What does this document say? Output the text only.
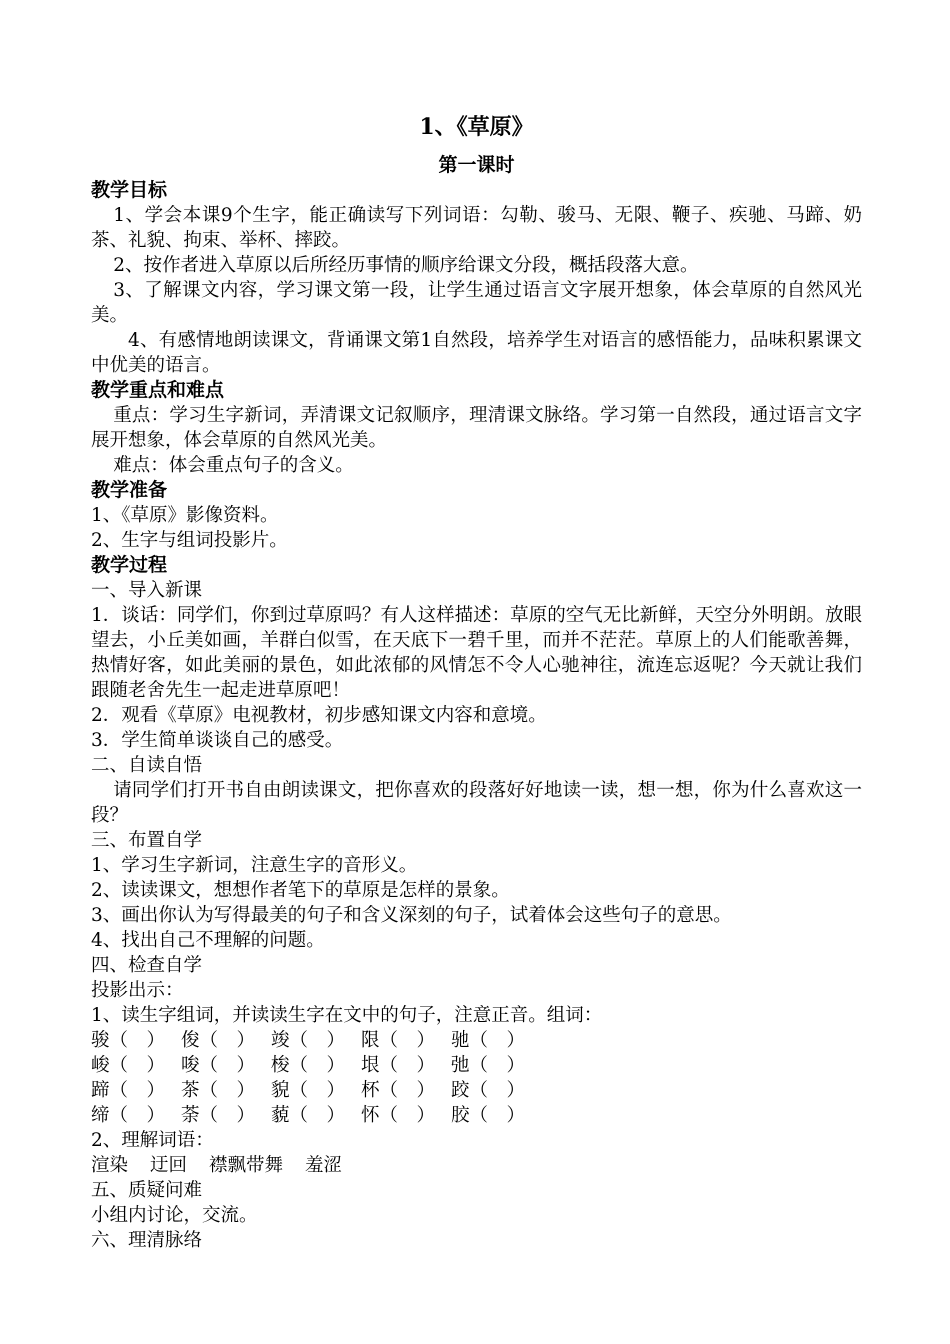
1、《草原》
第一课时

教学目标

1、学会本课9个生字，能正确读写下列词语：勾勒、骏马、无限、鞭子、疾驰、马蹄、奶茶、礼貌、拘束、举杯、摔跤。

2、按作者进入草原以后所经历事情的顺序给课文分段，概括段落大意。

3、了解课文内容，学习课文第一段，让学生通过语言文字展开想象，体会草原的自然风光美。

4、有感情地朗读课文，背诵课文第1自然段，培养学生对语言的感悟能力，品味积累课文中优美的语言。

教学重点和难点

重点：学习生字新词，弄清课文记叙顺序，理清课文脉络。学习第一自然段，通过语言文字展开想象，体会草原的自然风光美。

难点：体会重点句子的含义。

教学准备

1、《草原》影像资料。

2、生字与组词投影片。

教学过程

一、导入新课

1．谈话：同学们，你到过草原吗？有人这样描述：草原的空气无比新鲜，天空分外明朗。放眼望去，小丘美如画，羊群白似雪，在天底下一碧千里，而并不茫茫。草原上的人们能歌善舞，热情好客，如此美丽的景色，如此浓郁的风情怎不令人心驰神往，流连忘返呢？今天就让我们跟随老舍先生一起走进草原吧！

2．观看《草原》电视教材，初步感知课文内容和意境。

3．学生简单谈谈自己的感受。

二、自读自悟

请同学们打开书自由朗读课文，把你喜欢的段落好好地读一读，想一想，你为什么喜欢这一段？

三、布置自学

1、学习生字新词，注意生字的音形义。

2、读读课文，想想作者笔下的草原是怎样的景象。

3、画出你认为写得最美的句子和含义深刻的句子，试着体会这些句子的意思。

4、找出自己不理解的问题。

四、检查自学

投影出示：

1、读生字组词，并读读生字在文中的句子，注意正音。组词：

骏（　） 俊（　） 竣（　） 限（　） 驰（　）
峻（　） 唆（　） 梭（　） 垠（　） 弛（　）
蹄（　） 茶（　） 貌（　） 杯（　） 跤（　）
缔（　） 荼（　） 藐（　） 怀（　） 胶（　）

2、理解词语：

渲染 迂回 襟飘带舞 羞涩

五、质疑问难

小组内讨论，交流。

六、理清脉络
